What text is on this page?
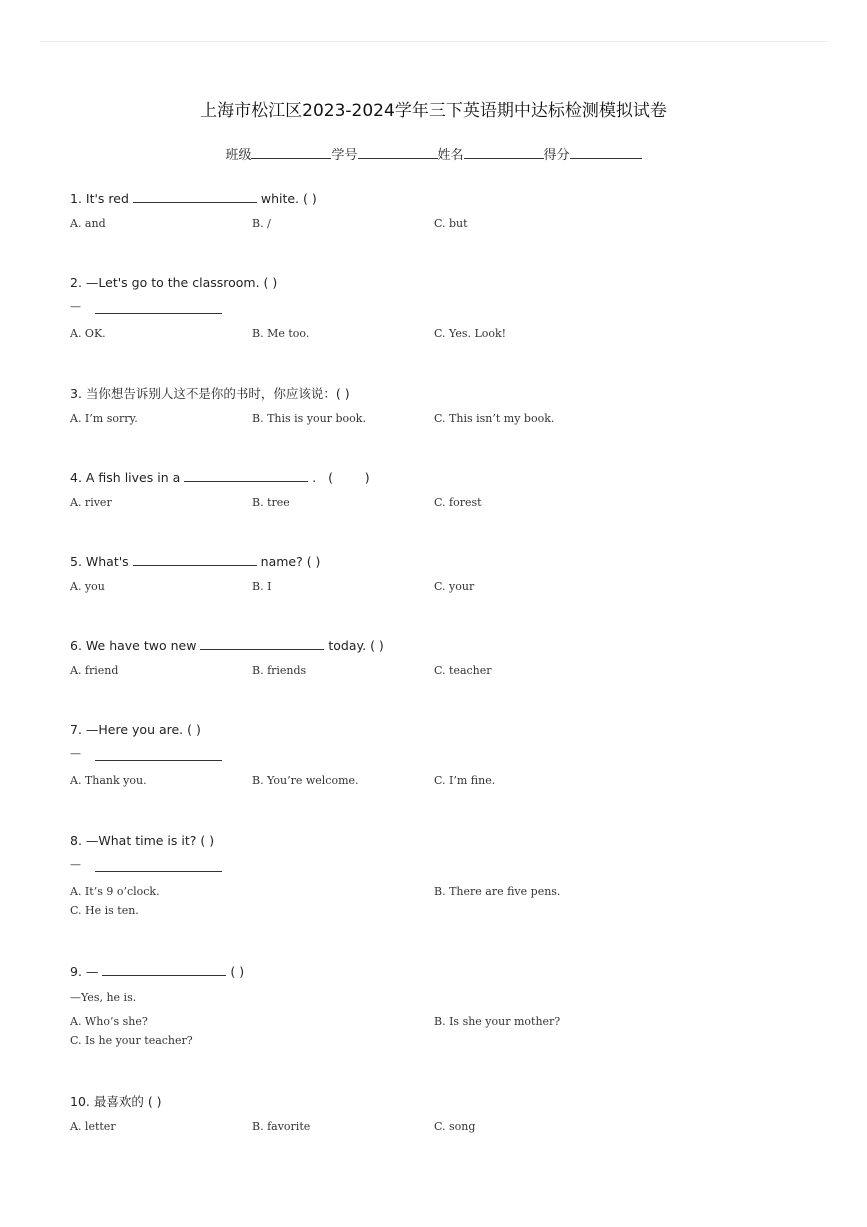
上海市松江区2023-2024学年三下英语期中达标检测模拟试卷
班级	学号	姓名	得分
1. It's red	white. ( )
A. and	B. /	C. but
2. —Let's go to the classroom. ( )
—
A. OK.	B. Me too.	C. Yes. Look!
3. 当你想告诉别人这不是你的书时，你应该说：( )
A. I’m sorry.	B. This is your book.	C. This isn’t my book.
4. A fish lives in a	.   (        )
A. river	B. tree	C. forest
5. What's	name? ( )
A. you	B. I	C. your
6. We have two new	today. ( )
A. friend	B. friends	C. teacher
7. —Here you are. ( )
—
A. Thank you.	B. You’re welcome.	C. I’m fine.
8. —What time is it? ( )
—
A. It’s 9 o’clock.	B. There are five pens.
C. He is ten.
9. —	( )
—Yes, he is.
A. Who’s she?	B. Is she your mother?
C. Is he your teacher?
10. 最喜欢的 ( )
A. letter	B. favorite	C. song
